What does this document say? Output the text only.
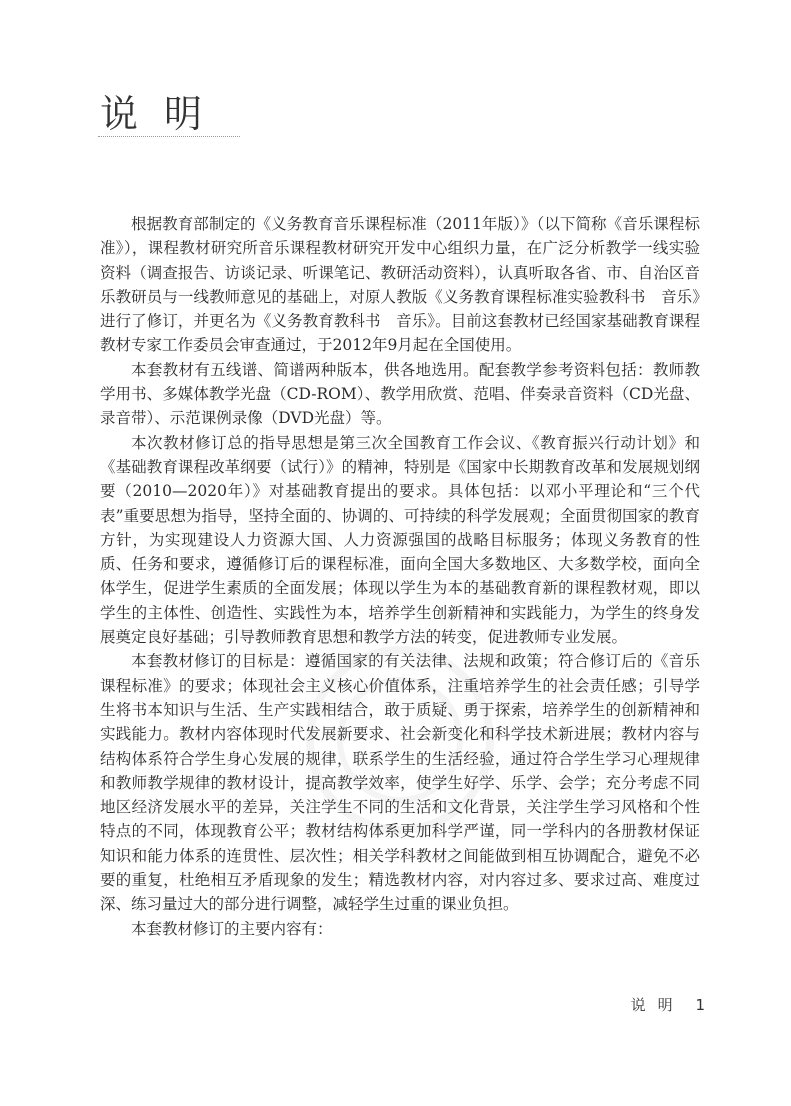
说明

根据教育部制定的《义务教育音乐课程标准（2011年版）》（以下简称《音乐课程标准》），课程教材研究所音乐课程教材研究开发中心组织力量，在广泛分析教学一线实验资料（调查报告、访谈记录、听课笔记、教研活动资料），认真听取各省、市、自治区音乐教研员与一线教师意见的基础上，对原人教版《义务教育课程标准实验教科书　音乐》进行了修订，并更名为《义务教育教科书　音乐》。目前这套教材已经国家基础教育课程教材专家工作委员会审查通过，于2012年9月起在全国使用。

本套教材有五线谱、简谱两种版本，供各地选用。配套教学参考资料包括：教师教学用书、多媒体教学光盘（CD-ROM）、教学用欣赏、范唱、伴奏录音资料（CD光盘、录音带）、示范课例录像（DVD光盘）等。

本次教材修订总的指导思想是第三次全国教育工作会议、《教育振兴行动计划》和《基础教育课程改革纲要（试行）》的精神，特别是《国家中长期教育改革和发展规划纲要（2010—2020年）》对基础教育提出的要求。具体包括：以邓小平理论和“三个代表”重要思想为指导，坚持全面的、协调的、可持续的科学发展观；全面贯彻国家的教育方针，为实现建设人力资源大国、人力资源强国的战略目标服务；体现义务教育的性质、任务和要求，遵循修订后的课程标准，面向全国大多数地区、大多数学校，面向全体学生，促进学生素质的全面发展；体现以学生为本的基础教育新的课程教材观，即以学生的主体性、创造性、实践性为本，培养学生创新精神和实践能力，为学生的终身发展奠定良好基础；引导教师教育思想和教学方法的转变，促进教师专业发展。

本套教材修订的目标是：遵循国家的有关法律、法规和政策；符合修订后的《音乐课程标准》的要求；体现社会主义核心价值体系，注重培养学生的社会责任感；引导学生将书本知识与生活、生产实践相结合，敢于质疑、勇于探索，培养学生的创新精神和实践能力。教材内容体现时代发展新要求、社会新变化和科学技术新进展；教材内容与结构体系符合学生身心发展的规律，联系学生的生活经验，通过符合学生学习心理规律和教师教学规律的教材设计，提高教学效率，使学生好学、乐学、会学；充分考虑不同地区经济发展水平的差异，关注学生不同的生活和文化背景，关注学生学习风格和个性特点的不同，体现教育公平；教材结构体系更加科学严谨，同一学科内的各册教材保证知识和能力体系的连贯性、层次性；相关学科教材之间能做到相互协调配合，避免不必要的重复，杜绝相互矛盾现象的发生；精选教材内容，对内容过多、要求过高、难度过深、练习量过大的部分进行调整，减轻学生过重的课业负担。

本套教材修订的主要内容有：

说明 1
